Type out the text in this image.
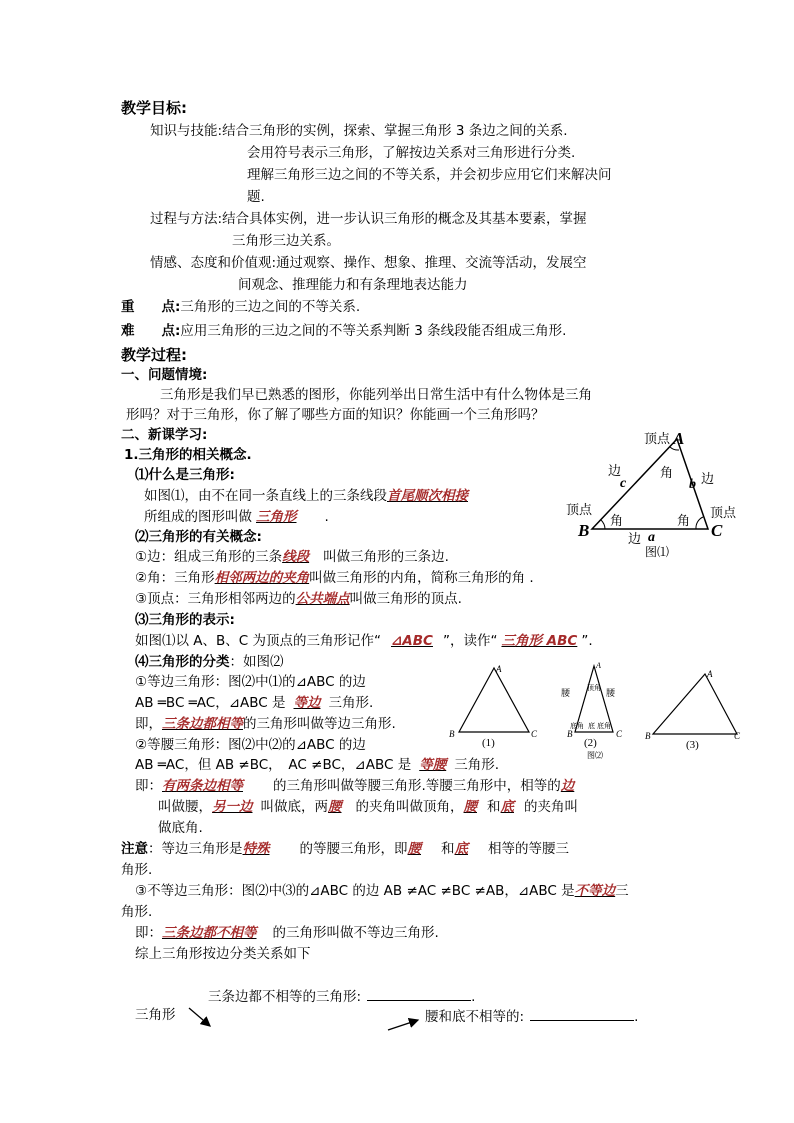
教学目标:
知识与技能:结合三角形的实例，探索、掌握三角形 3 条边之间的关系.
会用符号表示三角形，了解按边关系对三角形进行分类.
理解三角形三边之间的不等关系，并会初步应用它们来解决问
题.
过程与方法:结合具体实例，进一步认识三角形的概念及其基本要素，掌握
三角形三边关系。
情感、态度和价值观:通过观察、操作、想象、推理、交流等活动，发展空
间观念、推理能力和有条理地表达能力
重　　点:三角形的三边之间的不等关系.
难　　点:应用三角形的三边之间的不等关系判断 3 条线段能否组成三角形.
教学过程:
一、问题情境:
三角形是我们早已熟悉的图形，你能列举出日常生活中有什么物体是三角
形吗？对于三角形，你了解了哪些方面的知识？你能画一个三角形吗？
二、新课学习:
1.三角形的相关概念.
⑴什么是三角形:
如图⑴，由不在同一条直线上的三条线段首尾顺次相接
所组成的图形叫做 三角形 .
⑵三角形的有关概念:
①边：组成三角形的三条线段 叫做三角形的三条边.
②角：三角形相邻两边的夹角叫做三角形的内角，简称三角形的角 .
③顶点：三角形相邻两边的公共端点叫做三角形的顶点.
⑶三角形的表示:
如图⑴以 A、B、C 为顶点的三角形记作“ ⊿ABC ”，读作“ 三角形 ABC ”.
⑷三角形的分类：如图⑵
①等边三角形：图⑵中⑴的⊿ABC 的边
AB ═BC ═AC，⊿ABC 是 等边 三角形.
即，三条边都相等的三角形叫做等边三角形.
②等腰三角形：图⑵中⑵的⊿ABC 的边
AB ═AC，但 AB ≠BC，　AC ≠BC，⊿ABC 是 等腰 三角形.
即：有两条边相等 的三角形叫做等腰三角形.等腰三角形中，相等的边
叫做腰，另一边 叫做底，两腰 的夹角叫做顶角，腰 和底 的夹角叫
做底角.
注意：等边三角形是特殊 的等腰三角形，即腰 和底 相等的等腰三
角形.
③不等边三角形：图⑵中⑶的⊿ABC 的边 AB ≠AC ≠BC ≠AB，⊿ABC 是不等边三
角形.
即：三条边都不相等 的三角形叫做不等边三角形.
综上三角形按边分类关系如下
三条边都不相等的三角形:	.
三角形	腰和底不相等的:	.
顶点 A
边
c
角 边
b
顶点	顶点
角	角
B	C
边 a
图⑴
A
B	C
(1)
A
B	C
顶角
腰	腰
底角 底 底角
(2)
图⑵
A
B	C
(3)
